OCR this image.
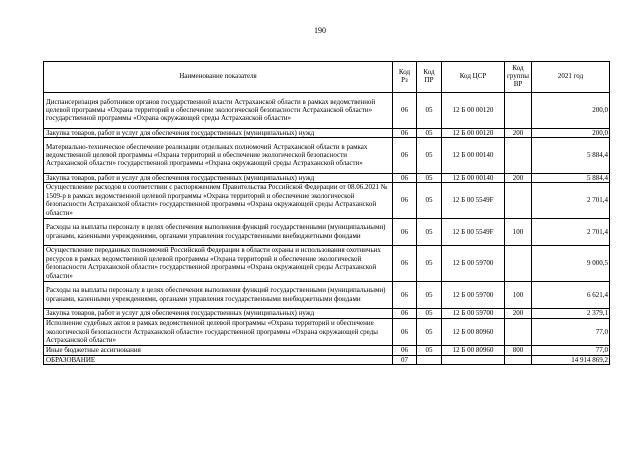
190
Наименование показателя	Код Рз	Код ПР	Код ЦСР	Код группы ВР	2021 год
Диспансеризация работников органов государственной власти Астраханской области в рамках ведомственной целевой программы «Охрана территорий и обеспечение экологической безопасности Астраханской области» государственной программы «Охрана окружающей среды Астраханской области»	06	05	12 Б 00 00120		200,0
Закупка товаров, работ и услуг для обеспечения государственных (муниципальных) нужд	06	05	12 Б 00 00120	200	200,0
Материально-техническое обеспечение реализации отдельных полномочий Астраханской области в рамках ведомственной целевой программы «Охрана территорий и обеспечение экологической безопасности Астраханской области» государственной программы «Охрана окружающей среды Астраханской области»	06	05	12 Б 00 00140		5 884,4
Закупка товаров, работ и услуг для обеспечения государственных (муниципальных) нужд	06	05	12 Б 00 00140	200	5 884,4
Осуществление расходов в соответствии с распоряжением Правительства Российской Федерации от 08.06.2021 № 1509-р в рамках ведомственной целевой программы «Охрана территорий и обеспечение экологической безопасности Астраханской области» государственной программы «Охрана окружающей среды Астраханской области»	06	05	12 Б 00 5549F		2 701,4
Расходы на выплаты персоналу в целях обеспечения выполнения функций государственными (муниципальными) органами, казенными учреждениями, органами управления государственными внебюджетными фондами	06	05	12 Б 00 5549F	100	2 701,4
Осуществление переданных полномочий Российской Федерации в области охраны и использования охотничьих ресурсов в рамках ведомственной целевой программы «Охрана территорий и обеспечение экологической безопасности Астраханской области» государственной программы «Охрана окружающей среды Астраханской области»	06	05	12 Б 00 59700		9 000,5
Расходы на выплаты персоналу в целях обеспечения выполнения функций государственными (муниципальными) органами, казенными учреждениями, органами управления государственными внебюджетными фондами	06	05	12 Б 00 59700	100	6 621,4
Закупка товаров, работ и услуг для обеспечения государственных (муниципальных) нужд	06	05	12 Б 00 59700	200	2 379,1
Исполнение судебных актов в рамках ведомственной целевой программы «Охрана территорий и обеспечение экологической безопасности Астраханской области» государственной программы «Охрана окружающей среды Астраханской области»	06	05	12 Б 00 80960		77,0
Иные бюджетные ассигнования	06	05	12 Б 00 80960	800	77,0
ОБРАЗОВАНИЕ	07				14 914 869,2
